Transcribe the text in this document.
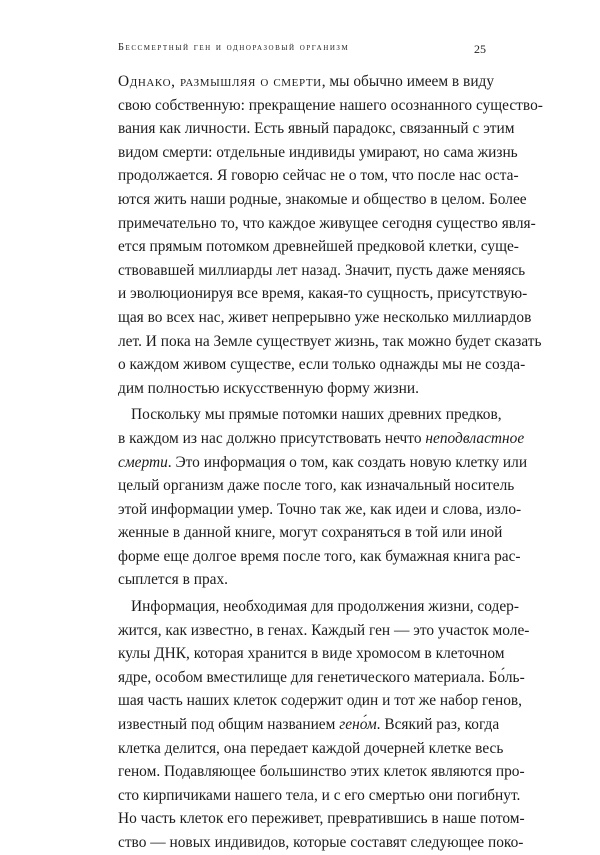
Бессмертный ген и одноразовый организм	25
Однако, размышляя о смерти, мы обычно имеем в виду
свою собственную: прекращение нашего осознанного существо-
вания как личности. Есть явный парадокс, связанный с этим
видом смерти: отдельные индивиды умирают, но сама жизнь
продолжается. Я говорю сейчас не о том, что после нас оста-
ются жить наши родные, знакомые и общество в целом. Более
примечательно то, что каждое живущее сегодня существо явля-
ется прямым потомком древнейшей предковой клетки, суще-
ствовавшей миллиарды лет назад. Значит, пусть даже меняясь
и эволюционируя все время, какая-то сущность, присутствую-
щая во всех нас, живет непрерывно уже несколько миллиардов
лет. И пока на Земле существует жизнь, так можно будет сказать
о каждом живом существе, если только однажды мы не созда-
дим полностью искусственную форму жизни.
Поскольку мы прямые потомки наших древних предков,
в каждом из нас должно присутствовать нечто неподвластное
смерти. Это информация о том, как создать новую клетку или
целый организм даже после того, как изначальный носитель
этой информации умер. Точно так же, как идеи и слова, изло-
женные в данной книге, могут сохраняться в той или иной
форме еще долгое время после того, как бумажная книга рас-
сыплется в прах.
Информация, необходимая для продолжения жизни, содер-
жится, как известно, в генах. Каждый ген — это участок моле-
кулы ДНК, которая хранится в виде хромосом в клеточном
ядре, особом вместилище для генетического материала. Бо́ль-
шая часть наших клеток содержит один и тот же набор генов,
известный под общим названием гено́м. Всякий раз, когда
клетка делится, она передает каждой дочерней клетке весь
геном. Подавляющее большинство этих клеток являются про-
сто кирпичиками нашего тела, и с его смертью они погибнут.
Но часть клеток его переживет, превратившись в наше потом-
ство — новых индивидов, которые составят следующее поко-
